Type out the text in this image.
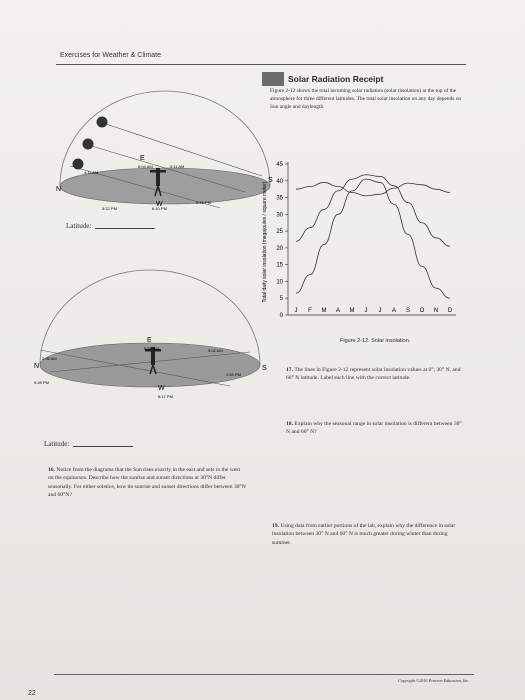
Exercises for Weather & Climate
E
W
N
S
6:04 AM
4:11 AM
5:11 AM
5:22 PM	6:10 PM
6:46 PM
Latitude:
E
W
N	S
5:58 AM
2:36 AM
9:02 AM
9:28 PM
6:17 PM
2:54 PM
Latitude:
Solar Radiation Receipt
Figure 2-12 shows the total incoming solar radiation (solar insolation) at the top of the atmosphere for three different latitudes. The total solar insolation on any day depends on Sun angle and daylength.
Total daily solar insolation (megajoules / square meter)
0
5
10
15
20
25
30
35
40
45
J F M A M J J A S O N D
Figure 2-12. Solar insolation.
17. The lines in Figure 2-12 represent solar insolation values at 0°, 30° N, and 60° N latitude. Label each line with the correct latitude.
18. Explain why the seasonal range in solar insolation is different between 30° N and 60° N?
16. Notice from the diagrams that the Sun rises exactly in the east and sets in the west on the equinoxes. Describe how the sunrise and sunset directions at 30°N differ seasonally. For either solstice, how do sunrise and sunset directions differ between 30°N and 60°N?
19. Using data from earlier portions of the lab, explain why the difference in solar insolation between 30° N and 60° N is much greater during winter than during summer.
Copyright ©2016 Pearson Education, Inc.
22
